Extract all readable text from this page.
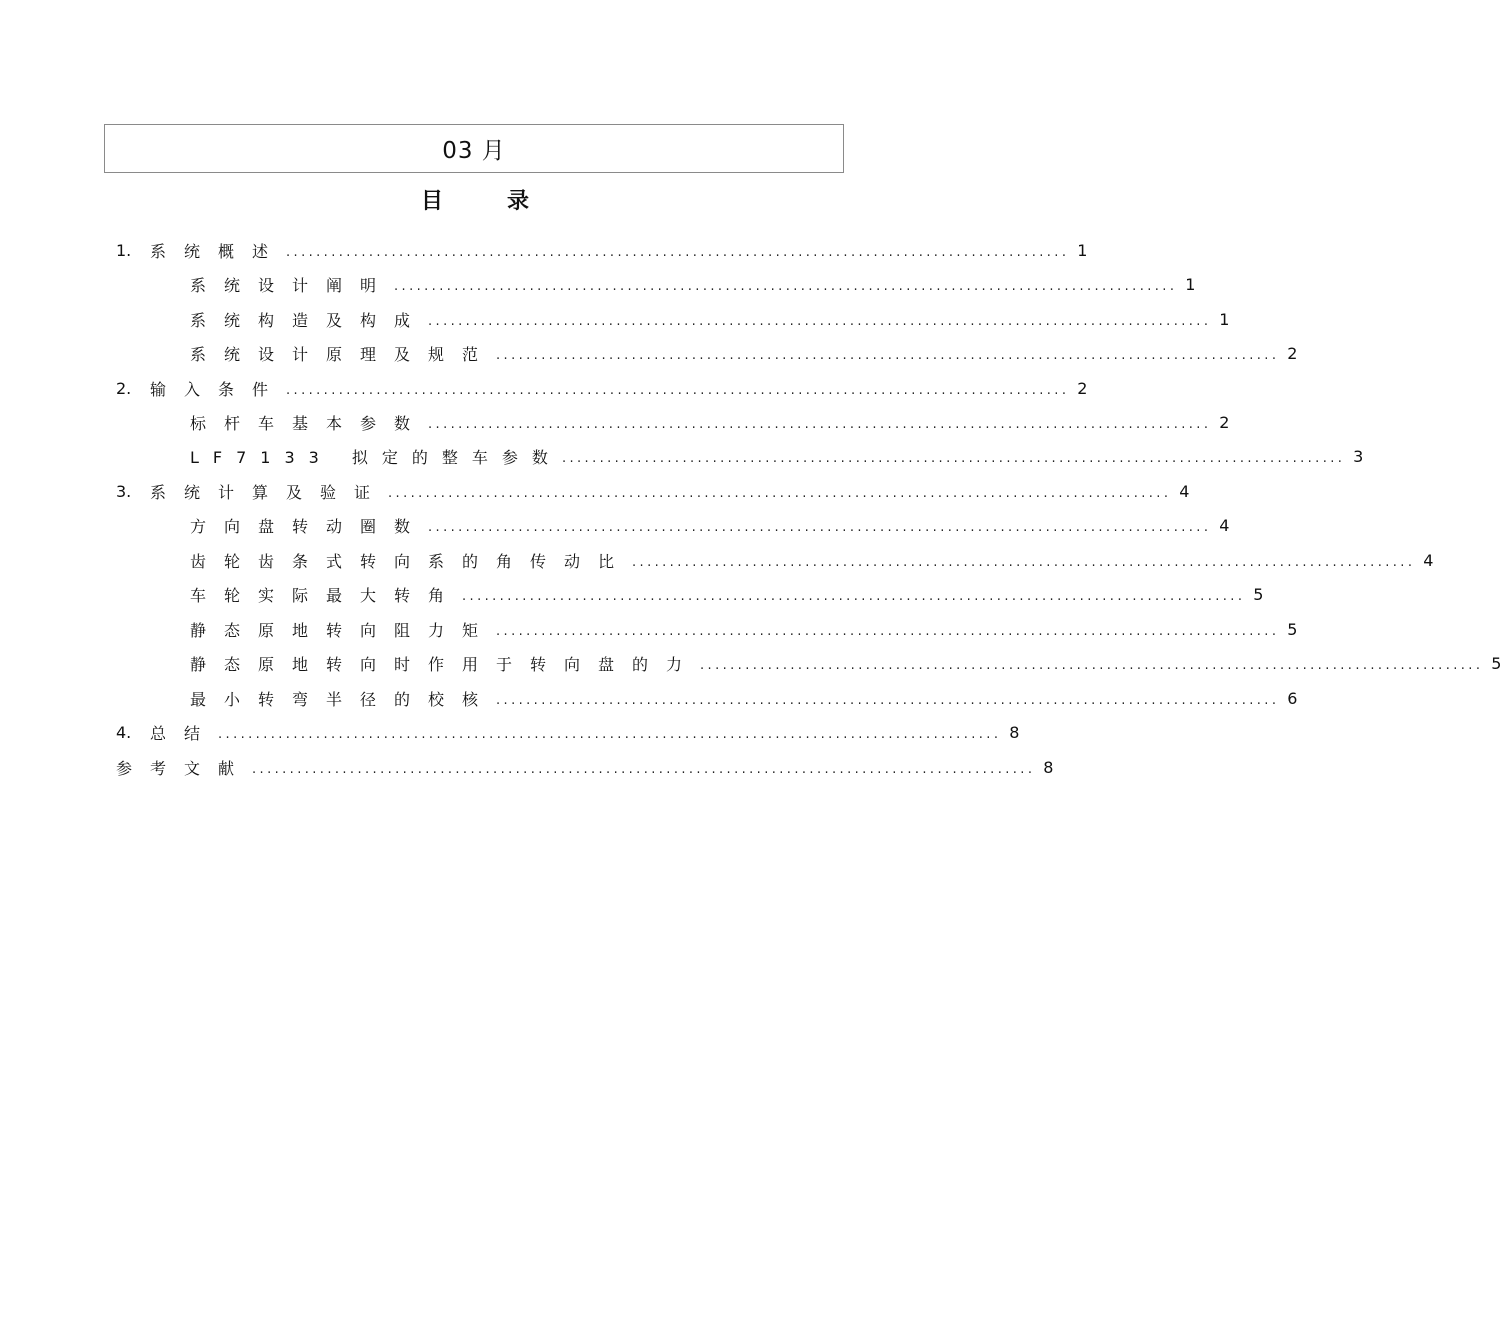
03 月
目录
1.	系统概述 ........................................................................................................ 1
系统设计阐明 ........................................................................................................ 1
系统构造及构成 ........................................................................................................ 1
系统设计原理及规范 ........................................................................................................ 2
2.	输入条件 ........................................................................................................ 2
标杆车基本参数 ........................................................................................................ 2
LF7133 拟定的整车参数 ........................................................................................................ 3
3.	系统计算及验证 ........................................................................................................ 4
方向盘转动圈数 ........................................................................................................ 4
齿轮齿条式转向系的角传动比 ........................................................................................................ 4
车轮实际最大转角 ........................................................................................................ 5
静态原地转向阻力矩 ........................................................................................................ 5
静态原地转向时作用于转向盘的力 ........................................................................................................ 5
最小转弯半径的校核 ........................................................................................................ 6
4.	总结 ........................................................................................................ 8
参考文献 ........................................................................................................ 8
